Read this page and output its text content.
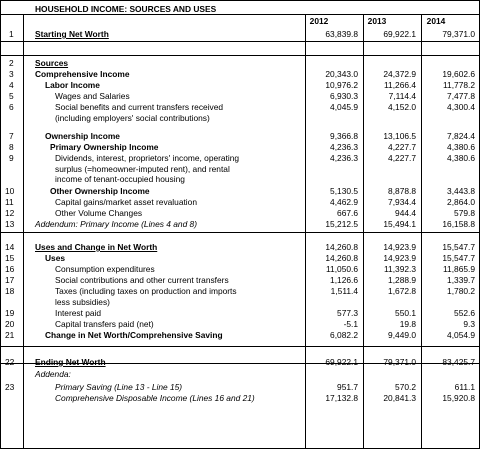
HOUSEHOLD INCOME: SOURCES AND USES
2012	2013	2014
1	Starting Net Worth	63,839.8	69,922.1	79,371.0
2	Sources
3	Comprehensive Income	20,343.0	24,372.9	19,602.6
4	Labor Income	10,976.2	11,266.4	11,778.2
5	Wages and Salaries	6,930.3	7,114.4	7,477.8
6	Social benefits and current transfers received
(including employers' social contributions)
4,045.9	4,152.0	4,300.4
7	Ownership Income	9,366.8	13,106.5	7,824.4
8	Primary Ownership Income	4,236.3	4,227.7	4,380.6
9	Dividends, interest, proprietors' income, operating
surplus (=homeowner-imputed rent), and rental
income of tenant-occupied housing
4,236.3	4,227.7	4,380.6
10	Other Ownership Income	5,130.5	8,878.8	3,443.8
11	Capital gains/market asset revaluation	4,462.9	7,934.4	2,864.0
12	Other Volume Changes	667.6	944.4	579.8
13 Addendum: Primary Income (Lines 4 and 8)	15,212.5	15,494.1	16,158.8
14 Uses and Change in Net Worth	14,260.8	14,923.9	15,547.7
15	Uses	14,260.8	14,923.9	15,547.7
16	Consumption expenditures	11,050.6	11,392.3	11,865.9
17	Social contributions and other current transfers	1,126.6	1,288.9	1,339.7
18	Taxes (including taxes on production and imports
less subsidies)
1,511.4	1,672.8	1,780.2
19	Interest paid	577.3	550.1	552.6
20	Capital transfers paid (net)	-5.1	19.8	9.3
21	Change in Net Worth/Comprehensive Saving	6,082.2	9,449.0	4,054.9
22 Ending Net Worth	69,922.1	79,371.0	83,425.7
Addenda:
23	Primary Saving (Line 13 - Line 15)	951.7	570.2	611.1
Comprehensive Disposable Income (Lines 16 and 21)	17,132.8	20,841.3	15,920.8
